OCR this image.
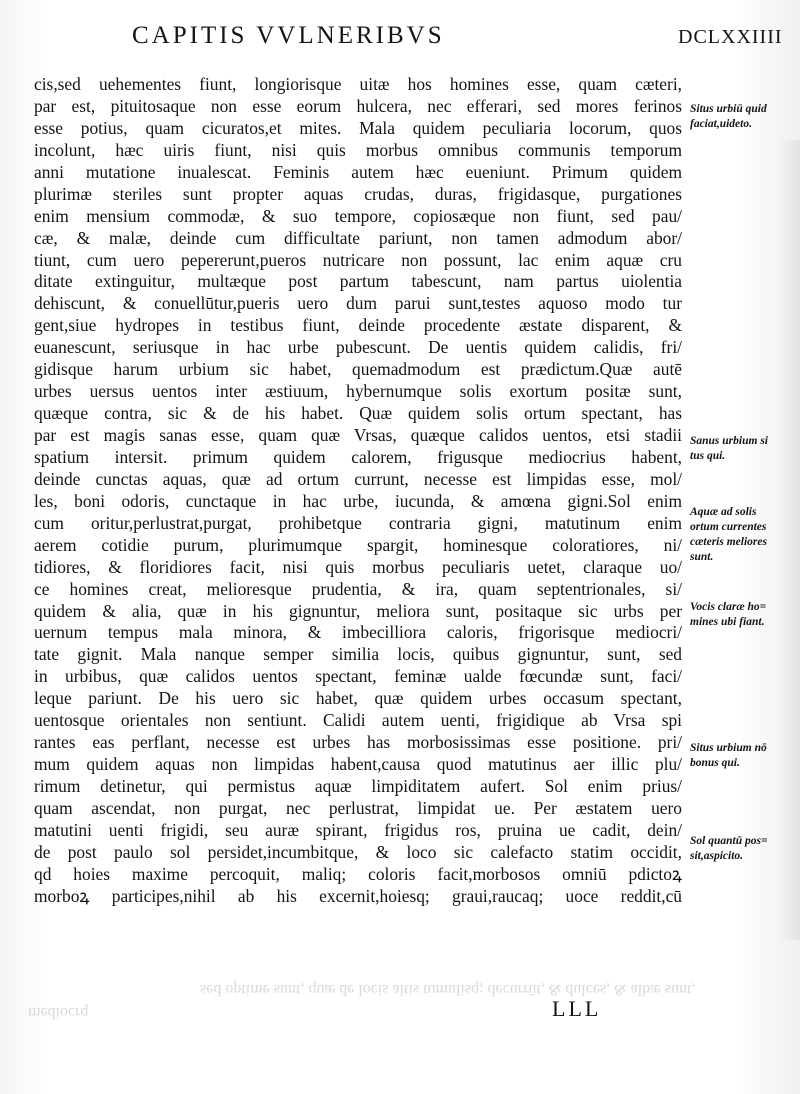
CAPITIS VVLNERIBVS	DCLXXIIII
cis,sed uehementes fiunt, longiorisque uitæ hos homines esse, quam cæteri,
par est, pituitosaque non esse eorum hulcera, nec efferari, sed mores ferinos
esse potius, quam cicuratos,et mites. Mala quidem peculiaria locorum, quos
incolunt, hæc uiris fiunt, nisi quis morbus omnibus communis temporum
anni mutatione inualescat. Feminis autem hæc eueniunt. Primum quidem
plurimæ steriles sunt propter aquas crudas, duras, frigidasque, purgationes
enim mensium commodæ, & suo tempore, copiosæque non fiunt, sed pau/
cæ, & malæ, deinde cum difficultate pariunt, non tamen admodum abor/
tiunt, cum uero pepererunt,pueros nutricare non possunt, lac enim aquæ cru
ditate extinguitur, multæque post partum tabescunt, nam partus uiolentia
dehiscunt, & conuellūtur,pueris uero dum parui sunt,testes aquoso modo tur
gent,siue hydropes in testibus fiunt, deinde procedente æstate disparent, &
euanescunt, seriusque in hac urbe pubescunt. De uentis quidem calidis, fri/
gidisque harum urbium sic habet, quemadmodum est prædictum.Quæ autē
urbes uersus uentos inter æstiuum, hybernumque solis exortum positæ sunt,
quæque contra, sic & de his habet. Quæ quidem solis ortum spectant, has
par est magis sanas esse, quam quæ Vrsas, quæque calidos uentos, etsi stadii
spatium intersit. primum quidem calorem, frigusque mediocrius habent,
deinde cunctas aquas, quæ ad ortum currunt, necesse est limpidas esse, mol/
les, boni odoris, cunctaque in hac urbe, iucunda, & amœna gigni.Sol enim
cum oritur,perlustrat,purgat, prohibetque contraria gigni, matutinum enim
aerem cotidie purum, plurimumque spargit, hominesque coloratiores, ni/
tidiores, & floridiores facit, nisi quis morbus peculiaris uetet, claraque uo/
ce homines creat, melioresque prudentia, & ira, quam septentrionales, si/
quidem & alia, quæ in his gignuntur, meliora sunt, positaque sic urbs per
uernum tempus mala minora, & imbecilliora caloris, frigorisque mediocri/
tate gignit. Mala nanque semper similia locis, quibus gignuntur, sunt, sed
in urbibus, quæ calidos uentos spectant, feminæ ualde fœcundæ sunt, faci/
leque pariunt. De his uero sic habet, quæ quidem urbes occasum spectant,
uentosque orientales non sentiunt. Calidi autem uenti, frigidique ab Vrsa spi
rantes eas perflant, necesse est urbes has morbosissimas esse positione. pri/
mum quidem aquas non limpidas habent,causa quod matutinus aer illic plu/
rimum detinetur, qui permistus aquæ limpiditatem aufert. Sol enim prius/
quam ascendat, non purgat, nec perlustrat, limpidat ue. Per æstatem uero
matutini uenti frigidi, seu auræ spirant, frigidus ros, pruina ue cadit, dein/
de post paulo sol persidet,incumbitque, & loco sic calefacto statim occidit,
qd hoies maxime percoquit, maliq; coloris facit,morbosos omniū pdictoꝝ
morboꝝ participes,nihil ab his excernit,hoiesq; graui,raucaq; uoce reddit,cū
Situs urbiū quid
faciat,uideto.
Sanus urbium si
tus qui.
Aquæ ad solis
ortum currentes
cæteris meliores
sunt.
Vocis claræ ho=
mines ubi fiant.
Situs urbium nō
bonus qui.
Sol quantū pos=
sit,aspicito.
sed optime sunt, quæ de locis altis tumulisq; decurrūt, & dulces, & albæ sunt,
mediocrq	LLL
